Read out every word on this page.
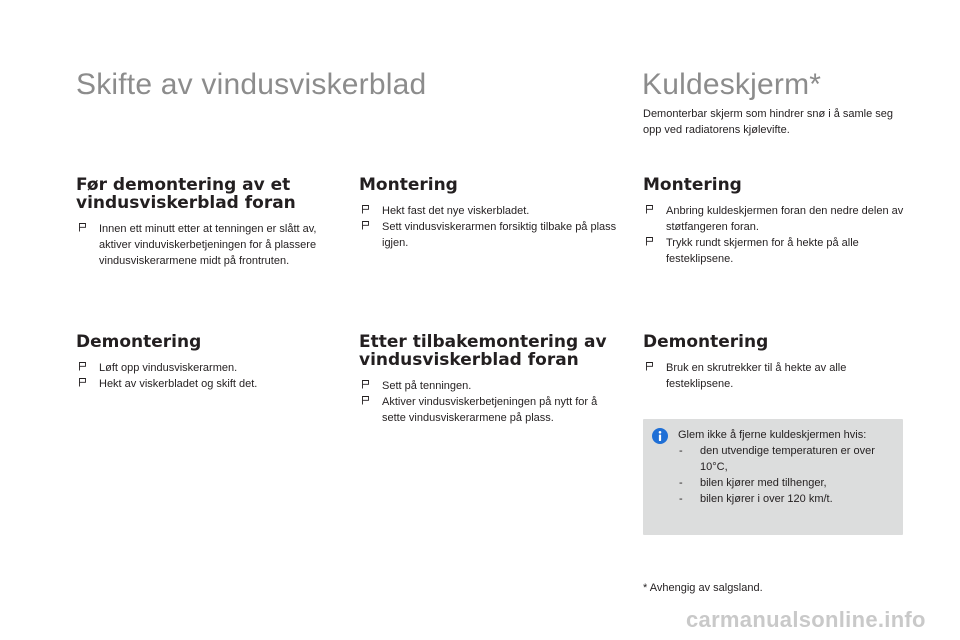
Skifte av vindusviskerblad	Kuldeskjerm*

Demonterbar skjerm som hindrer snø i å samle seg opp ved radiatorens kjølevifte.

Før demontering av et vindusviskerblad foran
Innen ett minutt etter at tenningen er slått av, aktiver vinduviskerbetjeningen for å plassere vindusviskerarmene midt på frontruten.
Demontering
Løft opp vindusviskerarmen.
Hekt av viskerbladet og skift det.
Montering
Hekt fast det nye viskerbladet.
Sett vindusviskerarmen forsiktig tilbake på plass igjen.
Etter tilbakemontering av vindusviskerblad foran
Sett på tenningen.
Aktiver vindusviskerbetjeningen på nytt for å sette vindusviskerarmene på plass.
Montering
Anbring kuldeskjermen foran den nedre delen av støtfangeren foran.
Trykk rundt skjermen for å hekte på alle festeklipsene.
Demontering
Bruk en skrutrekker til å hekte av alle festeklipsene.

Glem ikke å fjerne kuldeskjermen hvis:

- den utvendige temperaturen er over 10°C,
- bilen kjører med tilhenger,
- bilen kjører i over 120 km/t.

* Avhengig av salgsland.

carmanualsonline.info
